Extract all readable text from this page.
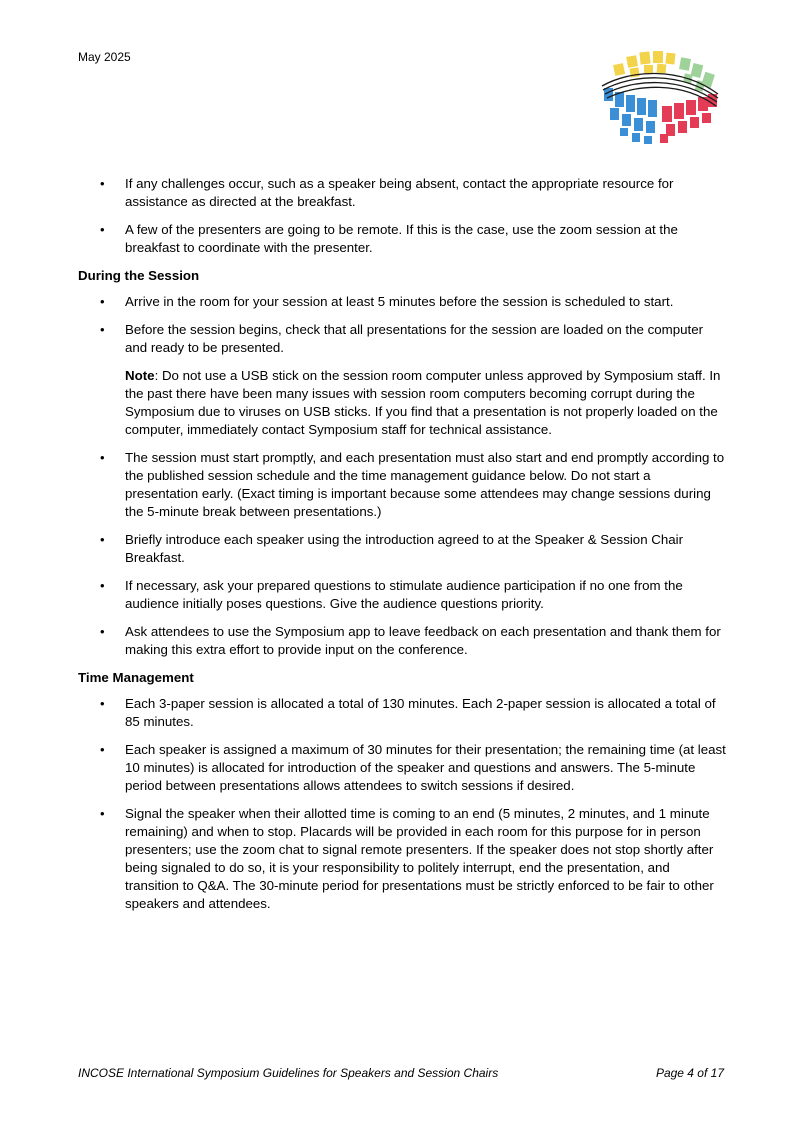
May 2025
• If any challenges occur, such as a speaker being absent, contact the appropriate resource for assistance as directed at the breakfast.
• A few of the presenters are going to be remote. If this is the case, use the zoom session at the breakfast to coordinate with the presenter.
During the Session
• Arrive in the room for your session at least 5 minutes before the session is scheduled to start.
• Before the session begins, check that all presentations for the session are loaded on the computer and ready to be presented.
Note: Do not use a USB stick on the session room computer unless approved by Symposium staff. In the past there have been many issues with session room computers becoming corrupt during the Symposium due to viruses on USB sticks. If you find that a presentation is not properly loaded on the computer, immediately contact Symposium staff for technical assistance.
• The session must start promptly, and each presentation must also start and end promptly according to the published session schedule and the time management guidance below. Do not start a presentation early. (Exact timing is important because some attendees may change sessions during the 5-minute break between presentations.)
• Briefly introduce each speaker using the introduction agreed to at the Speaker & Session Chair Breakfast.
• If necessary, ask your prepared questions to stimulate audience participation if no one from the audience initially poses questions. Give the audience questions priority.
• Ask attendees to use the Symposium app to leave feedback on each presentation and thank them for making this extra effort to provide input on the conference.
Time Management
• Each 3-paper session is allocated a total of 130 minutes. Each 2-paper session is allocated a total of 85 minutes.
• Each speaker is assigned a maximum of 30 minutes for their presentation; the remaining time (at least 10 minutes) is allocated for introduction of the speaker and questions and answers. The 5-minute period between presentations allows attendees to switch sessions if desired.
• Signal the speaker when their allotted time is coming to an end (5 minutes, 2 minutes, and 1 minute remaining) and when to stop. Placards will be provided in each room for this purpose for in person presenters; use the zoom chat to signal remote presenters. If the speaker does not stop shortly after being signaled to do so, it is your responsibility to politely interrupt, end the presentation, and transition to Q&A. The 30-minute period for presentations must be strictly enforced to be fair to other speakers and attendees.
INCOSE International Symposium Guidelines for Speakers and Session Chairs	Page 4 of 17
